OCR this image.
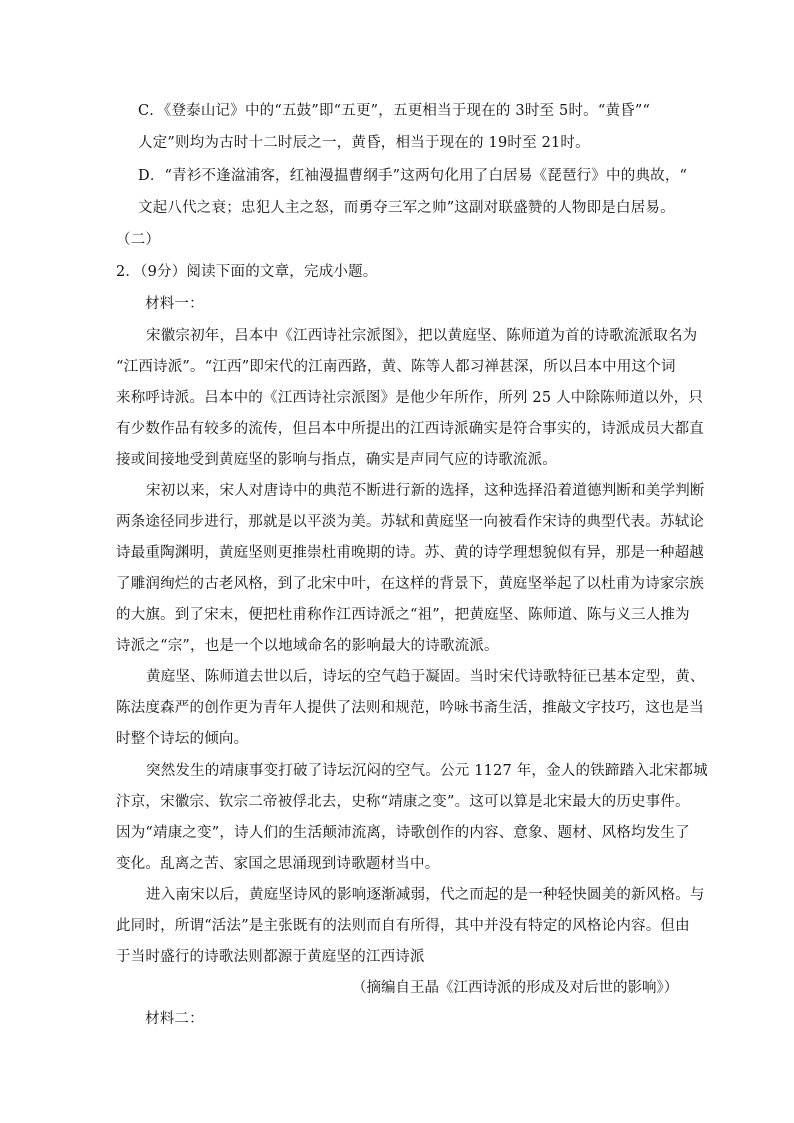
C．《登泰山记》中的“五鼓”即“五更”，五更相当于现在的 3时至 5时。“黄昏”“
人定”则均为古时十二时辰之一，黄昏，相当于现在的 19时至 21时。
D．“青衫不逢湓浦客，红袖漫揾曹纲手”这两句化用了白居易《琵琶行》中的典故，“
文起八代之衰；忠犯人主之怒，而勇夺三军之帅”这副对联盛赞的人物即是白居易。
（二）
2．（9分）阅读下面的文章，完成小题。
材料一：
宋徽宗初年，吕本中《江西诗社宗派图》，把以黄庭坚、陈师道为首的诗歌流派取名为
“江西诗派”。“江西”即宋代的江南西路，黄、陈等人都习禅甚深，所以吕本中用这个词
来称呼诗派。吕本中的《江西诗社宗派图》是他少年所作，所列 25 人中除陈师道以外，只
有少数作品有较多的流传，但吕本中所提出的江西诗派确实是符合事实的，诗派成员大都直
接或间接地受到黄庭坚的影响与指点，确实是声同气应的诗歌流派。
宋初以来，宋人对唐诗中的典范不断进行新的选择，这种选择沿着道德判断和美学判断
两条途径同步进行，那就是以平淡为美。苏轼和黄庭坚一向被看作宋诗的典型代表。苏轼论
诗最重陶渊明，黄庭坚则更推崇杜甫晚期的诗。苏、黄的诗学理想貌似有异，那是一种超越
了雕润绚烂的古老风格，到了北宋中叶，在这样的背景下，黄庭坚举起了以杜甫为诗家宗族
的大旗。到了宋末，便把杜甫称作江西诗派之“祖”，把黄庭坚、陈师道、陈与义三人推为
诗派之“宗”，也是一个以地域命名的影响最大的诗歌流派。
黄庭坚、陈师道去世以后，诗坛的空气趋于凝固。当时宋代诗歌特征已基本定型，黄、
陈法度森严的创作更为青年人提供了法则和规范，吟咏书斋生活，推敲文字技巧，这也是当
时整个诗坛的倾向。
突然发生的靖康事变打破了诗坛沉闷的空气。公元 1127 年，金人的铁蹄踏入北宋都城
汴京，宋徽宗、钦宗二帝被俘北去，史称“靖康之变”。这可以算是北宋最大的历史事件。
因为“靖康之变”，诗人们的生活颠沛流离，诗歌创作的内容、意象、题材、风格均发生了
变化。乱离之苦、家国之思涌现到诗歌题材当中。
进入南宋以后，黄庭坚诗风的影响逐渐减弱，代之而起的是一种轻快圆美的新风格。与
此同时，所谓“活法”是主张既有的法则而自有所得，其中并没有特定的风格论内容。但由
于当时盛行的诗歌法则都源于黄庭坚的江西诗派
（摘编自王晶《江西诗派的形成及对后世的影响》）
材料二：
